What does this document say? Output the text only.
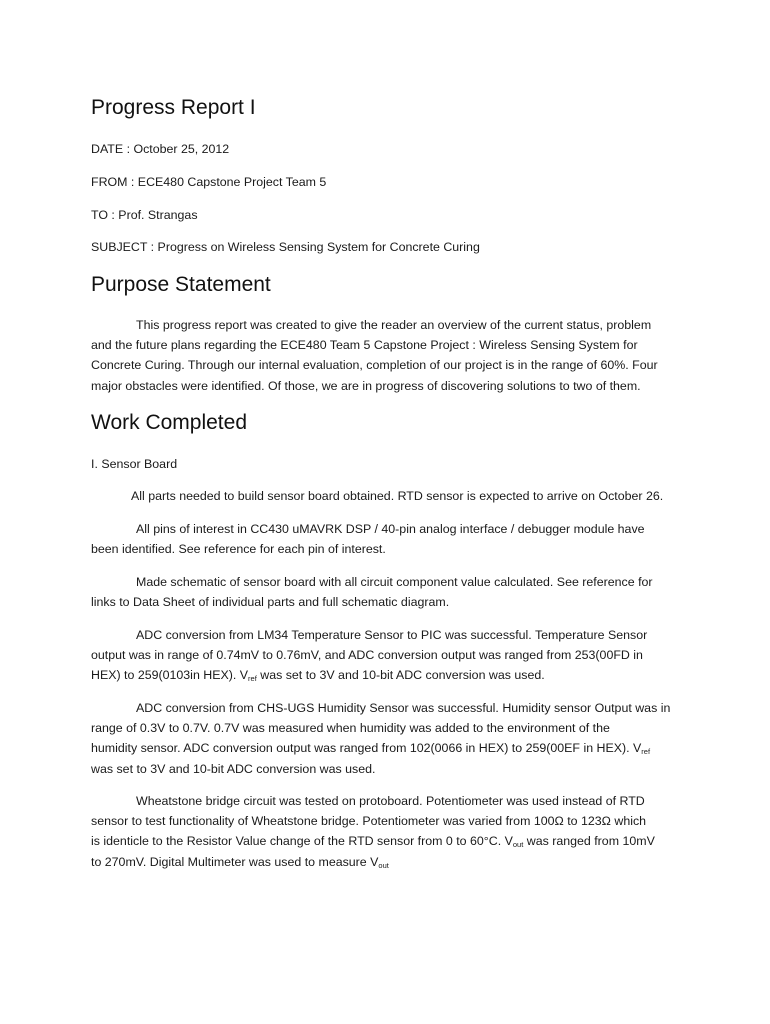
Progress Report I

DATE : October 25, 2012

FROM : ECE480 Capstone Project Team 5

TO : Prof. Strangas

SUBJECT : Progress on Wireless Sensing System for Concrete Curing

Purpose Statement
This progress report was created to give the reader an overview of the current status, problem
and the future plans regarding the ECE480 Team 5 Capstone Project : Wireless Sensing System for
Concrete Curing. Through our internal evaluation, completion of our project is in the range of 60%. Four
major obstacles were identified. Of those, we are in progress of discovering solutions to two of them.
Work Completed

I. Sensor Board

All parts needed to build sensor board obtained. RTD sensor is expected to arrive on October 26.
All pins of interest in CC430 uMAVRK DSP / 40-pin analog interface / debugger module have
been identified. See reference for each pin of interest.
Made schematic of sensor board with all circuit component value calculated. See reference for
links to Data Sheet of individual parts and full schematic diagram.
ADC conversion from LM34 Temperature Sensor to PIC was successful. Temperature Sensor
output was in range of 0.74mV to 0.76mV, and ADC conversion output was ranged from 253(00FD in
HEX) to 259(0103in HEX). $V_{ref}$ was set to 3V and 10-bit ADC conversion was used.
ADC conversion from CHS-UGS Humidity Sensor was successful. Humidity sensor Output was in
range of 0.3V to 0.7V. 0.7V was measured when humidity was added to the environment of the
humidity sensor. ADC conversion output was ranged from 102(0066 in HEX) to 259(00EF in HEX). $V_{ref}$
was set to 3V and 10-bit ADC conversion was used.
Wheatstone bridge circuit was tested on protoboard. Potentiometer was used instead of RTD
sensor to test functionality of Wheatstone bridge. Potentiometer was varied from 100Ω to 123Ω which
is identicle to the Resistor Value change of the RTD sensor from 0 to 60°C. $V_{out}$ was ranged from 10mV
to 270mV. Digital Multimeter was used to measure $V_{out}$
